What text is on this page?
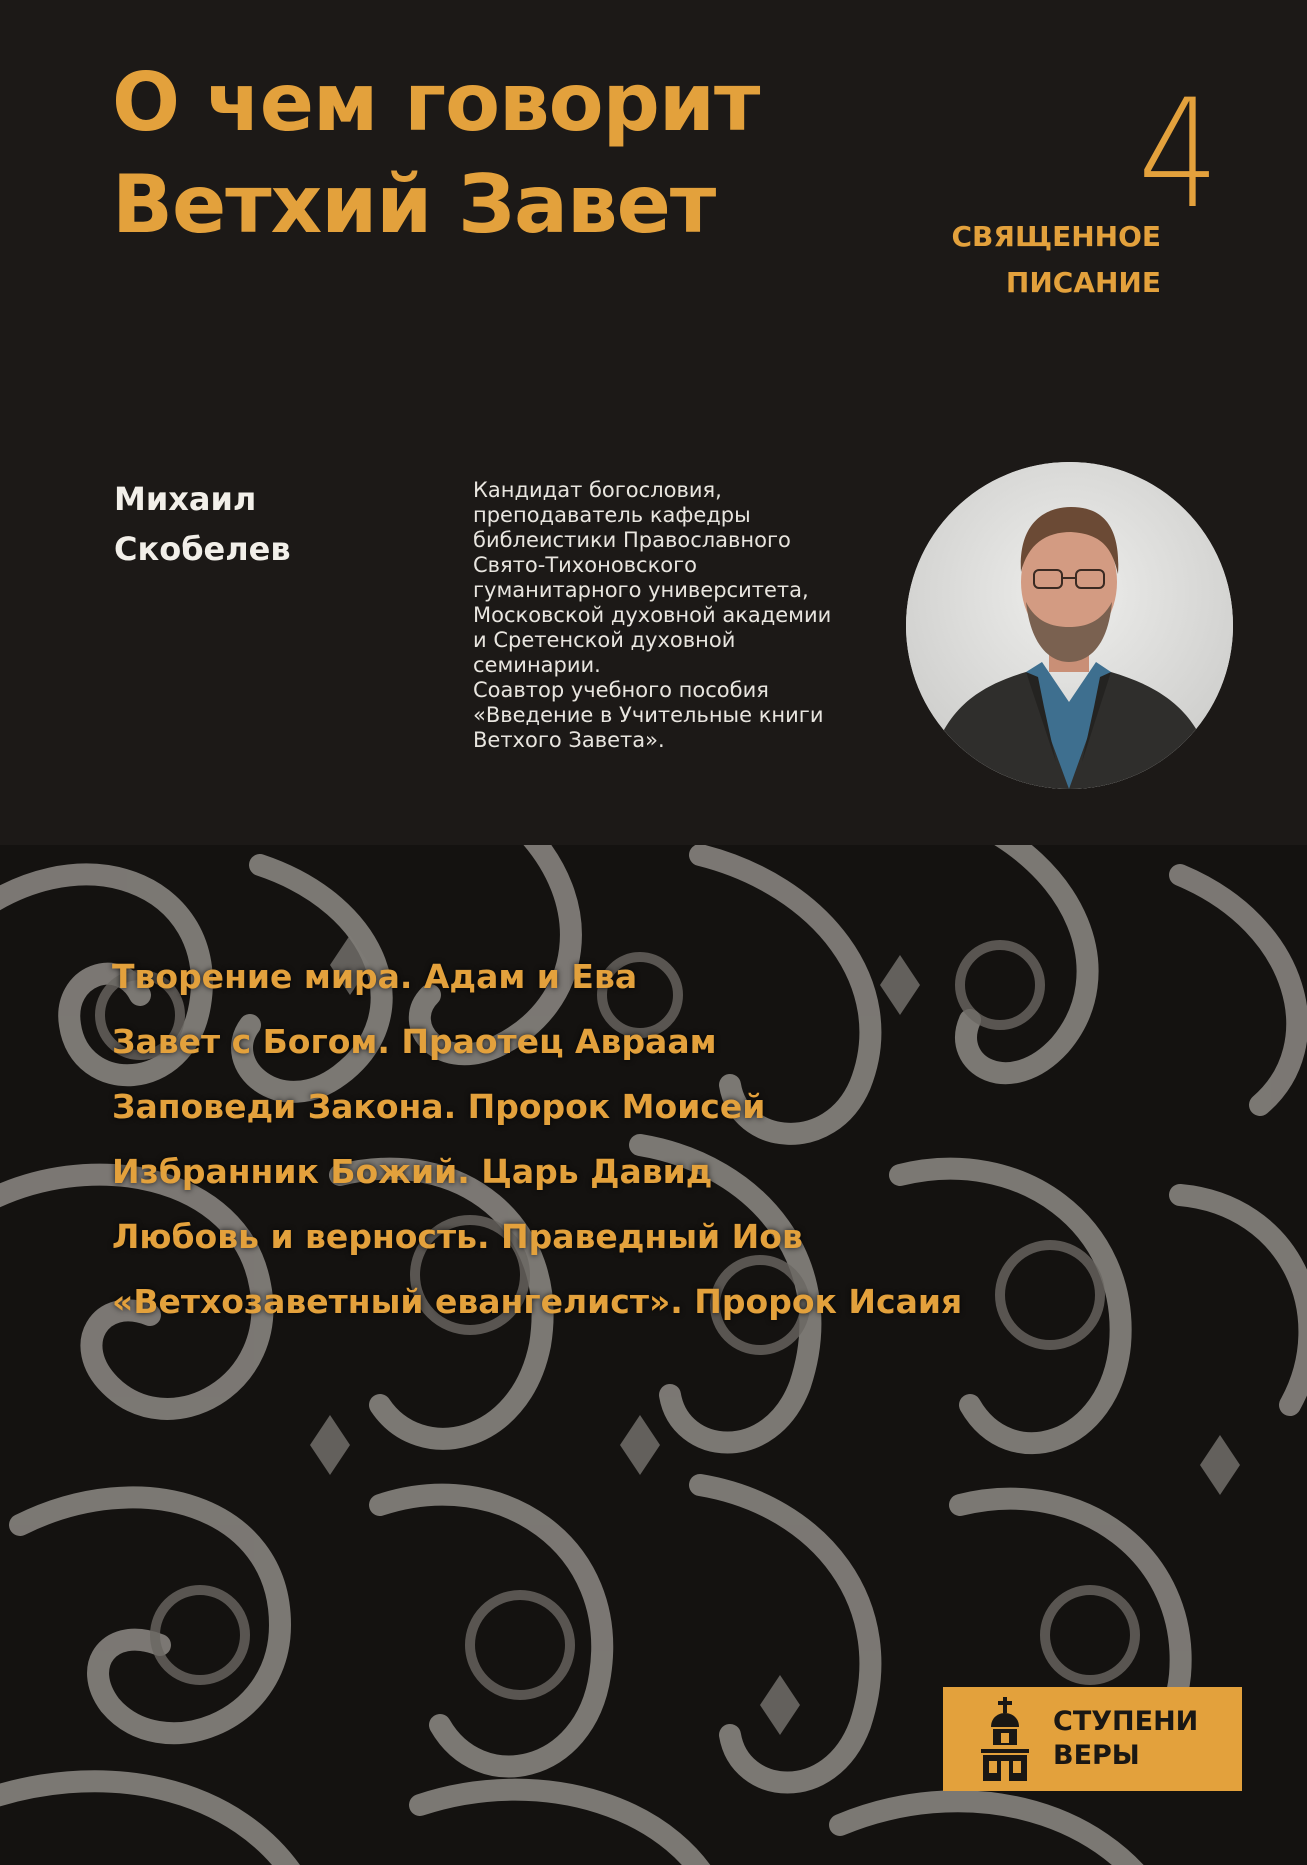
О чем говорит
Ветхий Завет	4
СВЯЩЕННОЕ
ПИСАНИЕ
Михаил
Скобелев
Кандидат богословия,
преподаватель кафедры
библеистики Православного
Свято-Тихоновского
гуманитарного университета,
Московской духовной академии
и Сретенской духовной
семинарии.
Соавтор учебного пособия
«Введение в Учительные книги
Ветхого Завета».
Творение мира. Адам и Ева
Завет с Богом. Праотец Авраам
Заповеди Закона. Пророк Моисей
Избранник Божий. Царь Давид
Любовь и верность. Праведный Иов
«Ветхозаветный евангелист». Пророк Исаия
СТУПЕНИ
ВЕРЫ
